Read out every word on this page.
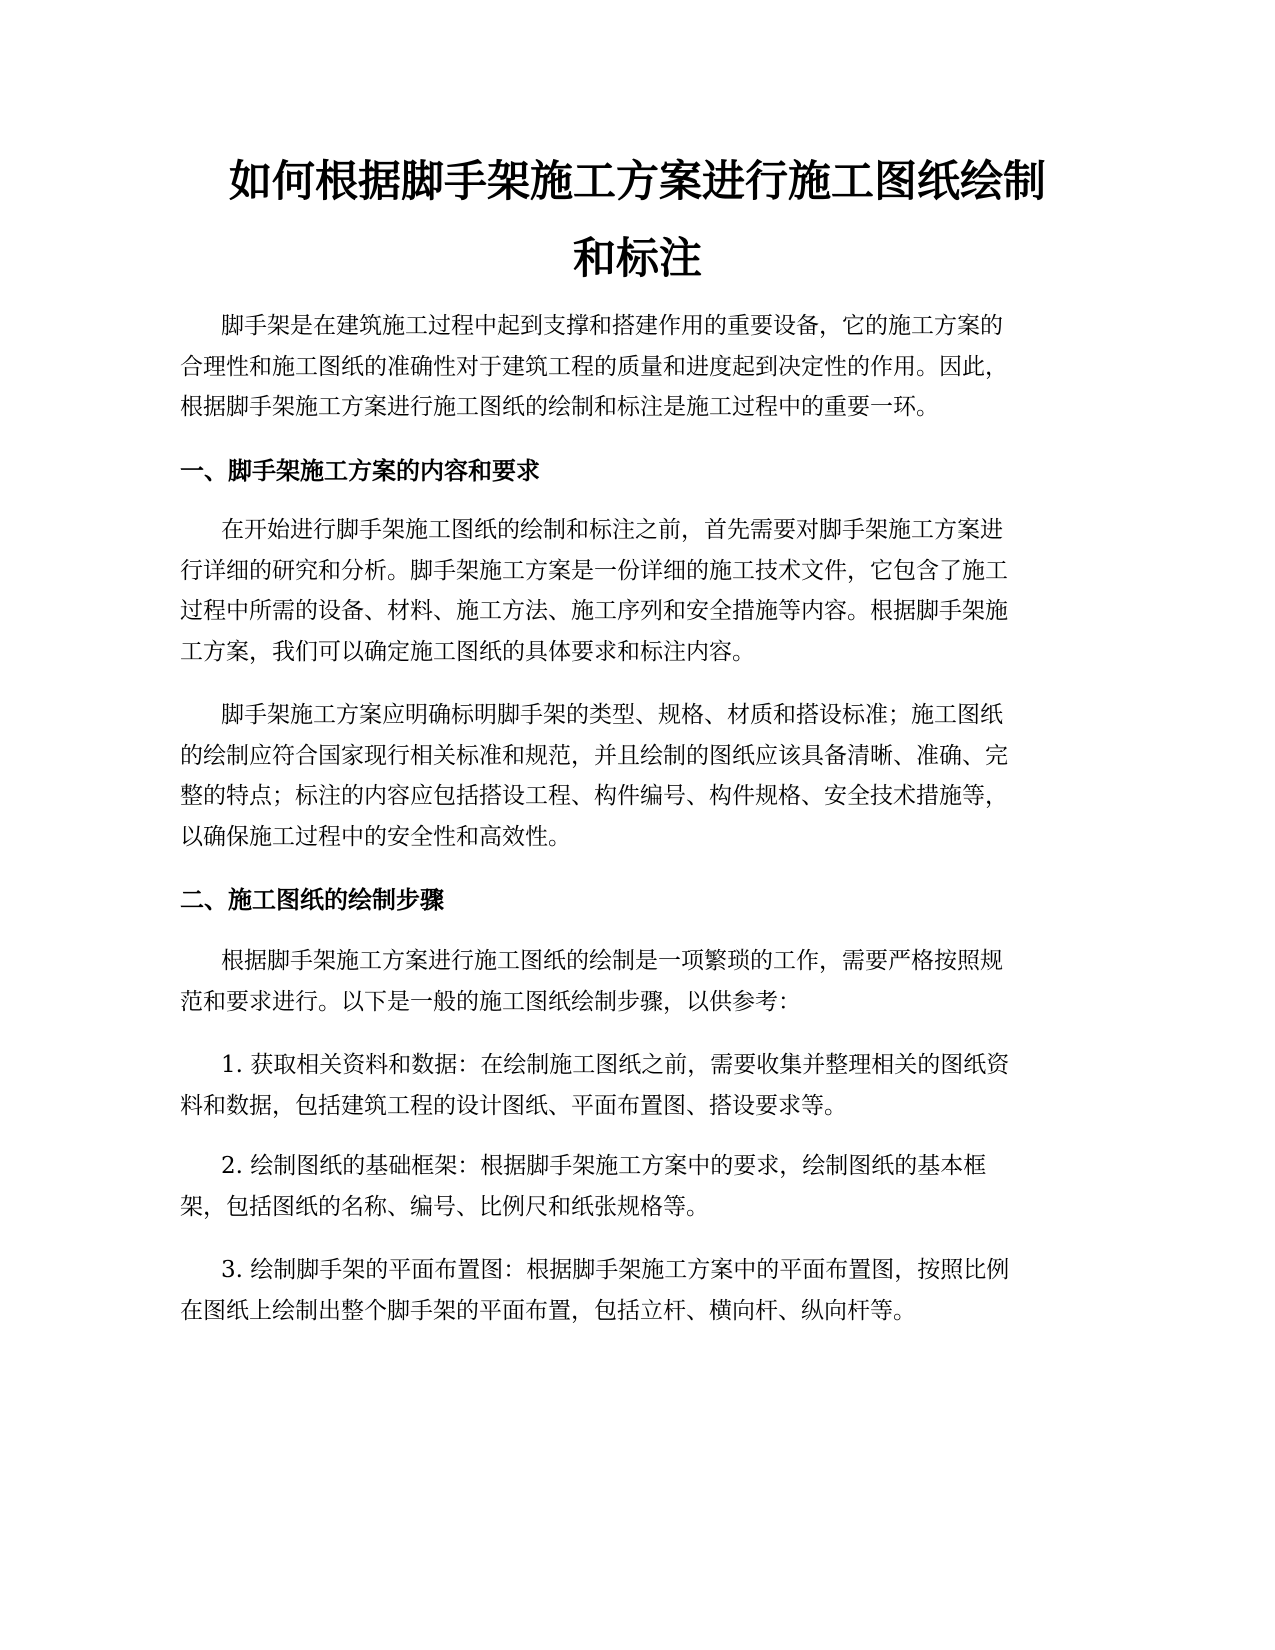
如何根据脚手架施工方案进行施工图纸绘制
和标注

脚手架是在建筑施工过程中起到支撑和搭建作用的重要设备，它的施工方案的
合理性和施工图纸的准确性对于建筑工程的质量和进度起到决定性的作用。因此，
根据脚手架施工方案进行施工图纸的绘制和标注是施工过程中的重要一环。

一、脚手架施工方案的内容和要求

在开始进行脚手架施工图纸的绘制和标注之前，首先需要对脚手架施工方案进
行详细的研究和分析。脚手架施工方案是一份详细的施工技术文件，它包含了施工
过程中所需的设备、材料、施工方法、施工序列和安全措施等内容。根据脚手架施
工方案，我们可以确定施工图纸的具体要求和标注内容。

脚手架施工方案应明确标明脚手架的类型、规格、材质和搭设标准；施工图纸
的绘制应符合国家现行相关标准和规范，并且绘制的图纸应该具备清晰、准确、完
整的特点；标注的内容应包括搭设工程、构件编号、构件规格、安全技术措施等，
以确保施工过程中的安全性和高效性。

二、施工图纸的绘制步骤

根据脚手架施工方案进行施工图纸的绘制是一项繁琐的工作，需要严格按照规
范和要求进行。以下是一般的施工图纸绘制步骤，以供参考：

1. 获取相关资料和数据：在绘制施工图纸之前，需要收集并整理相关的图纸资
料和数据，包括建筑工程的设计图纸、平面布置图、搭设要求等。

2. 绘制图纸的基础框架：根据脚手架施工方案中的要求，绘制图纸的基本框
架，包括图纸的名称、编号、比例尺和纸张规格等。

3. 绘制脚手架的平面布置图：根据脚手架施工方案中的平面布置图，按照比例
在图纸上绘制出整个脚手架的平面布置，包括立杆、横向杆、纵向杆等。
